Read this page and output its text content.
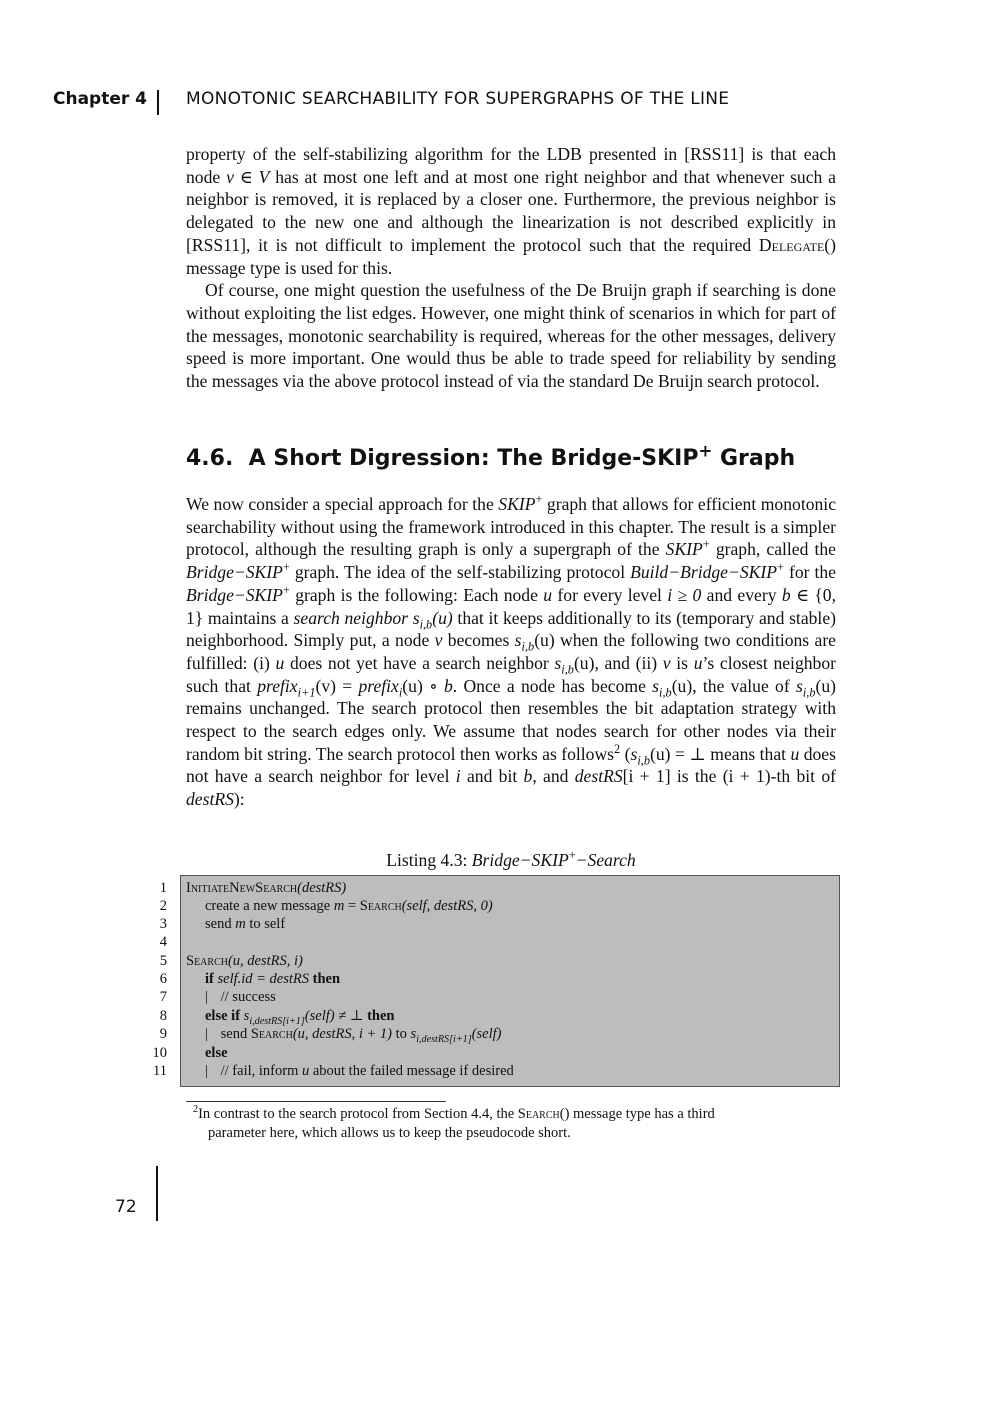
Chapter 4 MONOTONIC SEARCHABILITY FOR SUPERGRAPHS OF THE LINE

property of the self-stabilizing algorithm for the LDB presented in [RSS11] is that each node v ∈ V has at most one left and at most one right neighbor and that whenever such a neighbor is removed, it is replaced by a closer one. Furthermore, the previous neighbor is delegated to the new one and although the linearization is not described explicitly in [RSS11], it is not difficult to implement the protocol such that the required Delegate() message type is used for this.

Of course, one might question the usefulness of the De Bruijn graph if searching is done without exploiting the list edges. However, one might think of scenarios in which for part of the messages, monotonic searchability is required, whereas for the other messages, delivery speed is more important. One would thus be able to trade speed for reliability by sending the messages via the above protocol instead of via the standard De Bruijn search protocol.

4.6. A Short Digression: The Bridge-SKIP+ Graph

We now consider a special approach for the SKIP+ graph that allows for efficient monotonic searchability without using the framework introduced in this chapter. The result is a simpler protocol, although the resulting graph is only a supergraph of the SKIP+ graph, called the Bridge−SKIP+ graph. The idea of the self-stabilizing protocol Build−Bridge−SKIP+ for the Bridge−SKIP+ graph is the following: Each node u for every level i ≥ 0 and every b ∈ {0, 1} maintains a search neighbor $s_{i,b}(u)$ that it keeps additionally to its (temporary and stable) neighborhood. Simply put, a node v becomes $s_{i,b}(u)$ when the following two conditions are fulfilled: (i) u does not yet have a search neighbor $s_{i,b}(u)$, and (ii) v is u’s closest neighbor such that prefix$_{i+1}$(v) = prefix$_i$(u) ∘ b. Once a node has become $s_{i,b}(u)$, the value of $s_{i,b}(u)$ remains unchanged. The search protocol then resembles the bit adaptation strategy with respect to the search edges only. We assume that nodes search for other nodes via their random bit string. The search protocol then works as follows$^2$ ($s_{i,b}(u)$ = ⊥ means that u does not have a search neighbor for level i and bit b, and destRS[i + 1] is the (i + 1)-th bit of destRS):

Listing 4.3: Bridge−SKIP+−Search
1
2
3
4
5
6
7
8
9
10
11
InitiateNewSearch(destRS)
create a new message m = Search(self, destRS, 0)
send m to self
Search(u, destRS, i)
if self.id = destRS then
| // success
else if $s_{i,destRS[i+1]}(self)$ ≠ ⊥ then
| send Search(u, destRS, i + 1) to $s_{i,destRS[i+1]}(self)$
else
| // fail, inform u about the failed message if desired
$^2$In contrast to the search protocol from Section 4.4, the Search() message type has a third
parameter here, which allows us to keep the pseudocode short.
72
